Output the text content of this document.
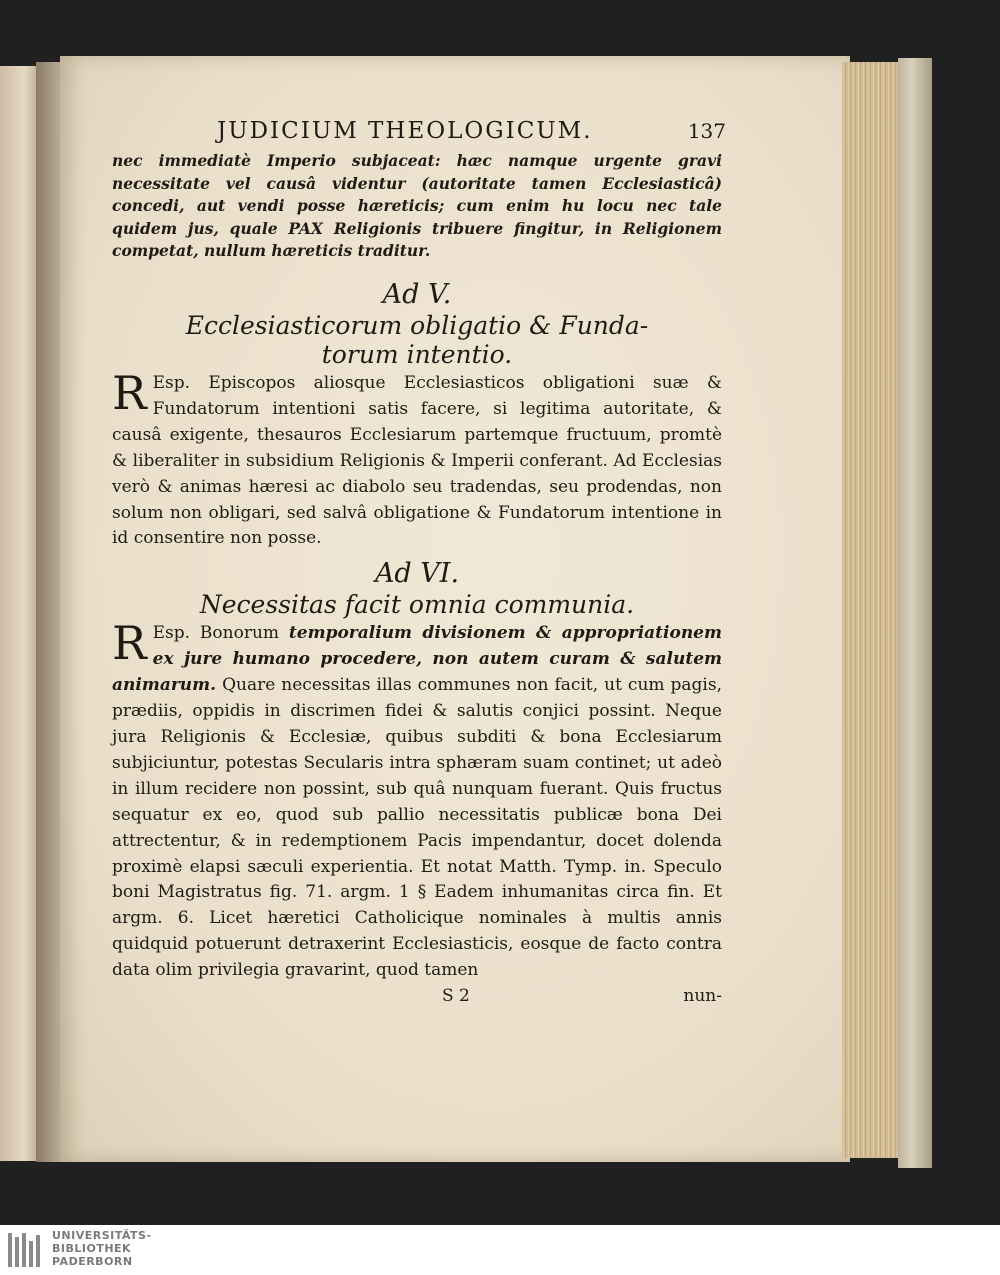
JUDICIUM THEOLOGICUM.	137
nec immediatè Imperio subjaceat: hæc namque urgente gravi necessitate vel causâ videntur (autoritate tamen Ecclesiasticâ) concedi, aut vendi posse hæreticis; cum enim hu locu nec tale quidem jus, quale PAX Religionis tribuere fingitur, in Religionem competat, nullum hæreticis traditur.
Ad V.
Ecclesiasticorum obligatio & Funda-
torum intentio.
R Esp. Episcopos aliosque Ecclesiasticos obligationi suæ & Fundatorum intentioni satis facere, si legitima autoritate, & causâ exigente, thesauros Ecclesiarum partemque fructuum, promtè & liberaliter in subsidium Religionis & Imperii conferant. Ad Ecclesias verò & animas hæresi ac diabolo seu tradendas, seu prodendas, non solum non obligari, sed salvâ obligatione & Fundatorum intentione in id consentire non posse.
Ad VI.
Necessitas facit omnia communia.
R Esp. Bonorum temporalium divisionem & appropriationem ex jure humano procedere, non autem curam & salutem animarum. Quare necessitas illas communes non facit, ut cum pagis, prædiis, oppidis in discrimen fidei & salutis conjici possint. Neque jura Religionis & Ecclesiæ, quibus subditi & bona Ecclesiarum subjiciuntur, potestas Secularis intra sphæram suam continet; ut adeò in illum recidere non possint, sub quâ nunquam fuerant. Quis fructus sequatur ex eo, quod sub pallio necessitatis publicæ bona Dei attrectentur, & in redemptionem Pacis impendantur, docet dolenda proximè elapsi sæculi experientia. Et notat Matth. Tymp. in. Speculo boni Magistratus fig. 71. argm. 1 § Eadem inhumanitas circa fin. Et argm. 6. Licet hæretici Catholicique nominales à multis annis quidquid potuerunt detraxerint Ecclesiasticis, eosque de facto contra data olim privilegia gravarint, quod tamen
S 2	nun-
UNIVERSITÄTS-
BIBLIOTHEK
PADERBORN
